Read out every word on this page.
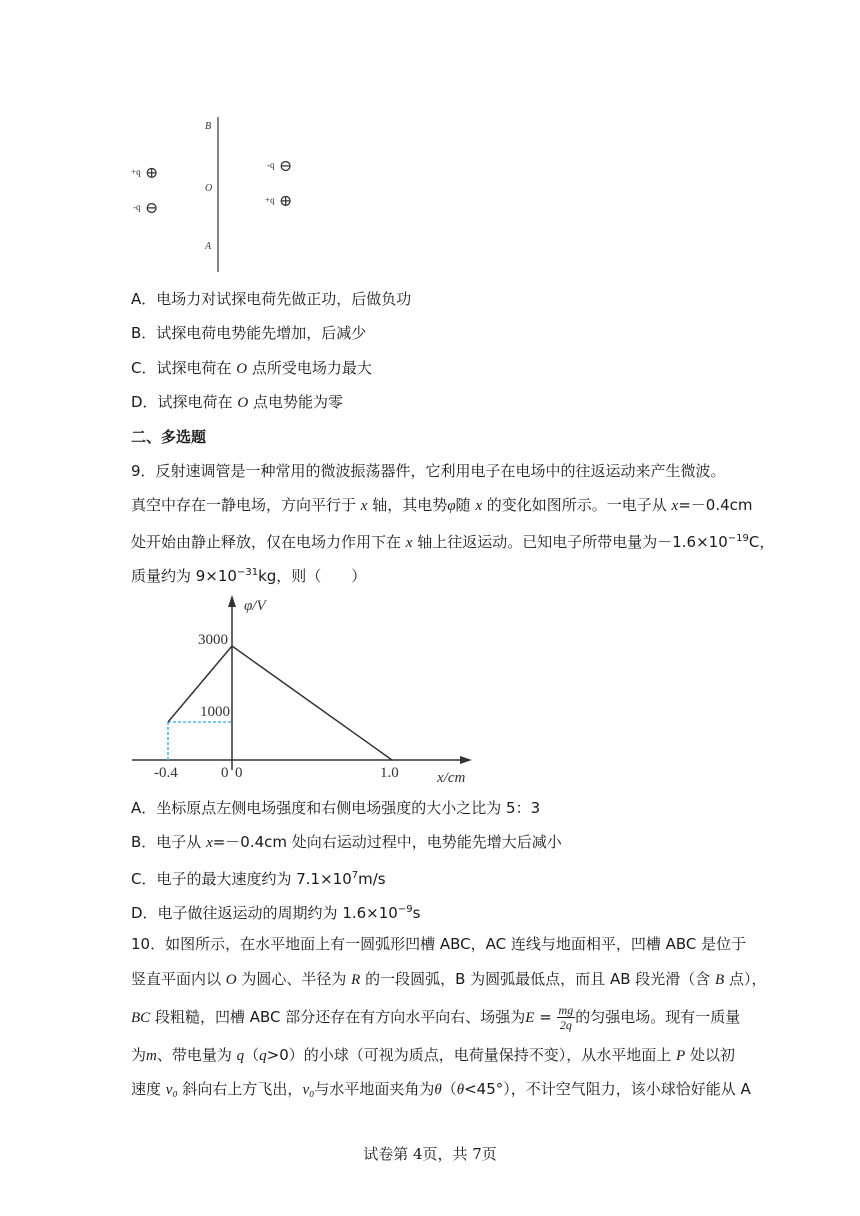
B
O
A
+q ⊕
-q ⊖
-q ⊖
+q ⊕
A．电场力对试探电荷先做正功，后做负功
B．试探电荷电势能先增加，后减少
C．试探电荷在 O 点所受电场力最大
D．试探电荷在 O 点电势能为零
二、多选题
9．反射速调管是一种常用的微波振荡器件，它利用电子在电场中的往返运动来产生微波。
真空中存在一静电场，方向平行于 x 轴，其电势φ随 x 的变化如图所示。一电子从 x=－0.4cm
处开始由静止释放，仅在电场力作用下在 x 轴上往返运动。已知电子所带电量为$-1.6\times 10^{-19}C$，
质量约为 $9\times 10^{-31}kg$，则（　　）
φ/V
x/cm
3000
1000
-0.4	0 0	1.0
A．坐标原点左侧电场强度和右侧电场强度的大小之比为 5：3
B．电子从 x=－0.4cm 处向右运动过程中，电势能先增大后减小
C．电子的最大速度约为 $7.1\times 10^7m/s$
D．电子做往返运动的周期约为 $1.6\times 10^{-9}s$
10．如图所示，在水平地面上有一圆弧形凹槽 ABC，AC 连线与地面相平，凹槽 ABC 是位于
竖直平面内以 O 为圆心、半径为 R 的一段圆弧，B 为圆弧最低点，而且 AB 段光滑（含 B 点），
BC 段粗糙，凹槽 ABC 部分还存在有方向水平向右、场强为$E = \frac{mg}{2q}$ 的匀强电场。现有一质量
为m、带电量为 q（q>0）的小球（可视为质点，电荷量保持不变），从水平地面上 P 处以初
速度 v₀ 斜向右上方飞出，v₀与水平地面夹角为θ（θ<45°），不计空气阻力，该小球恰好能从 A
试卷第 4页，共 7页
